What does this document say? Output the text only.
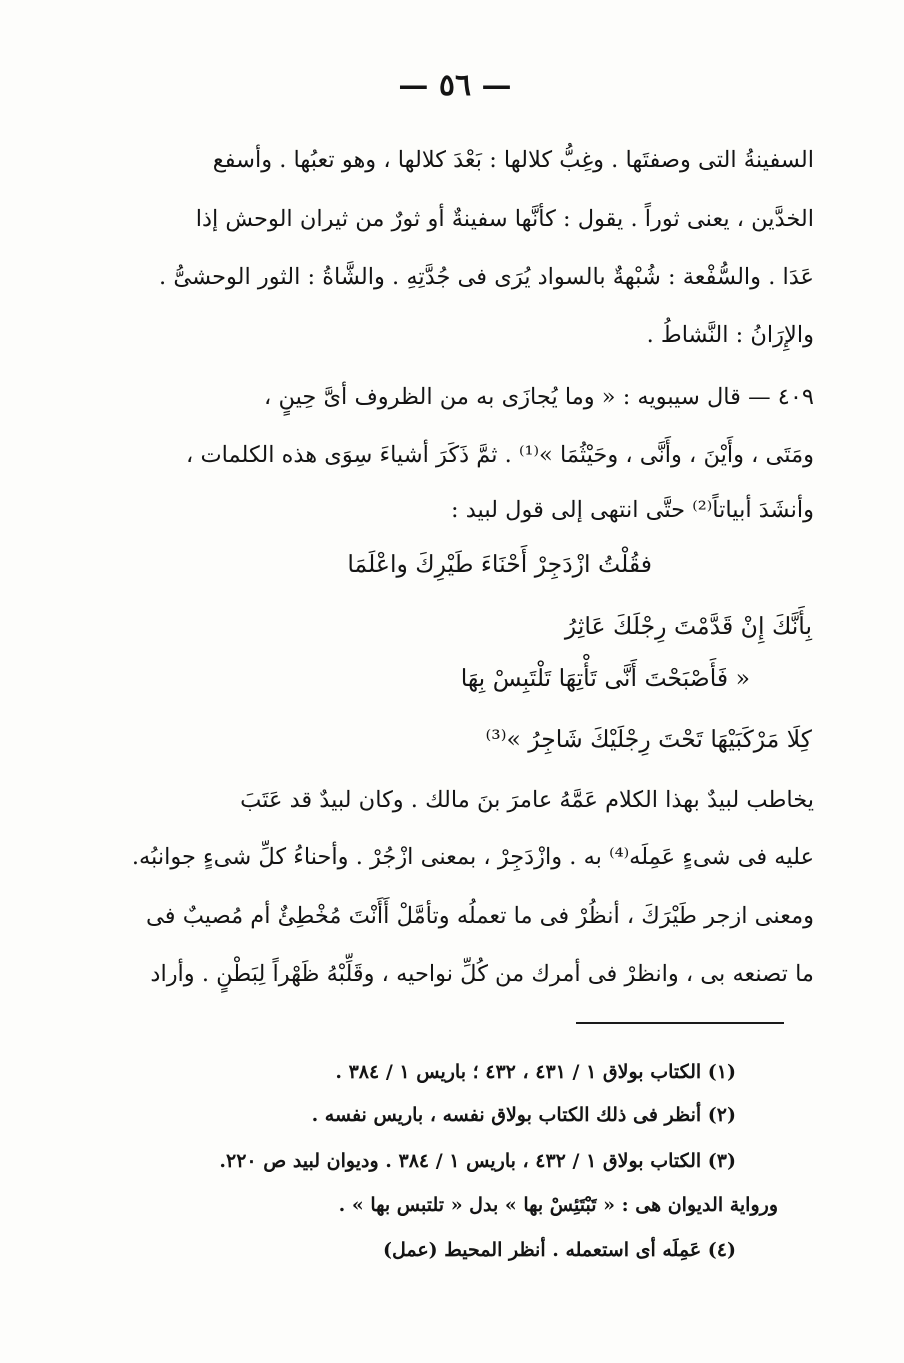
— ٥٦ —
السفينةُ التى وصفتَها . وغِبُّ كلالها : بَعْدَ كلالها ، وهو تعبُها . وأسفع
الخدَّين ، يعنى ثوراً . يقول : كأنَّها سفينةٌ أو ثورٌ من ثيران الوحش إذا
عَدَا . والسُّفْعة : شُبْهةٌ بالسواد يُرَى فى جُدَّتِهِ . والشَّاةُ : الثور الوحشىُّ .
والإِرَانُ : النَّشاطُ .
٤٠٩ — قال سيبويه : « وما يُجازَى به من الظروف أىَّ حِينٍ ،
ومَتَى ، وأَيْنَ ، وأَنَّى ، وحَيْثُمَا »⁽¹⁾ . ثمَّ ذَكَرَ أشياءَ سِوَى هذه الكلمات ،
وأنشَدَ أبياتاً⁽²⁾ حتَّى انتهى إلى قول لبيد :
فقُلْتُ ازْدَجِرْ أَحْنَاءَ طَيْرِكَ واعْلَمَا
بِأَنَّكَ إِنْ قَدَّمْتَ رِجْلَكَ عَاثِرُ
« فَأَصْبَحْتَ أَنَّى تَأْتِهَا تَلْتَبِسْ بِهَا
كِلَا مَرْكَبَيْهَا تَحْتَ رِجْلَيْكَ شَاجِرُ »⁽³⁾
يخاطب لبيدٌ بهذا الكلام عَمَّهُ عامرَ بنَ مالك . وكان لبيدٌ قد عَتَبَ
عليه فى شىءٍ عَمِلَه⁽⁴⁾ به . وازْدَجِرْ ، بمعنى ازْجُرْ . وأحناءُ كلِّ شىءٍ جوانبُه.
ومعنى ازجر طَيْرَكَ ، أنظُرْ فى ما تعملُه وتأمَّلْ أَأَنْتَ مُخْطِئٌ أم مُصيبٌ فى
ما تصنعه بى ، وانظرْ فى أمرك من كُلِّ نواحيه ، وقَلِّبْهُ ظَهْراً لِبَطْنٍ . وأراد
(١) الكتاب بولاق ١ / ٤٣١ ، ٤٣٢ ؛ باريس ١ / ٣٨٤ .
(٢) أنظر فى ذلك الكتاب بولاق نفسه ، باريس نفسه .
(٣) الكتاب بولاق ١ / ٤٣٢ ، باريس ١ / ٣٨٤ . وديوان لبيد ص ٢٢٠.
ورواية الديوان هى : « تَبْتَئِسْ بها » بدل « تلتبس بها » .
(٤) عَمِلَه أى استعمله . أنظر المحيط (عمل)
